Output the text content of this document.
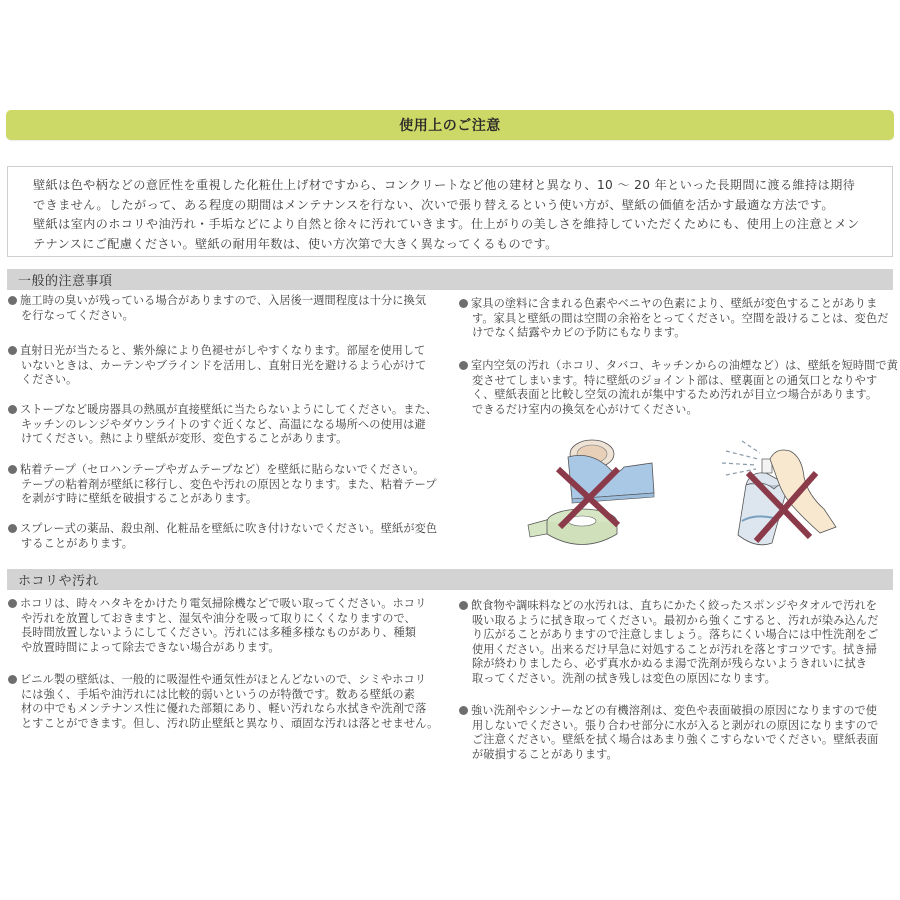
使用上のご注意

壁紙は色や柄などの意匠性を重視した化粧仕上げ材ですから、コンクリートなど他の建材と異なり、10 ～ 20 年といった長期間に渡る維持は期待

できません。したがって、ある程度の期間はメンテナンスを行ない、次いで張り替えるという使い方が、壁紙の価値を活かす最適な方法です。

壁紙は室内のホコリや油汚れ・手垢などにより自然と徐々に汚れていきます。仕上がりの美しさを維持していただくためにも、使用上の注意とメン

テナンスにご配慮ください。壁紙の耐用年数は、使い方次第で大きく異なってくるものです。

一般的注意事項
施工時の臭いが残っている場合がありますので、入居後一週間程度は十分に換気
を行なってください。
直射日光が当たると、紫外線により色褪せがしやすくなります。部屋を使用して
いないときは、カーテンやブラインドを活用し、直射日光を避けるよう心がけて
ください。
ストーブなど暖房器具の熱風が直接壁紙に当たらないようにしてください。また、
キッチンのレンジやダウンライトのすぐ近くなど、高温になる場所への使用は避
けてください。熱により壁紙が変形、変色することがあります。
粘着テープ（セロハンテープやガムテープなど）を壁紙に貼らないでください。
テープの粘着剤が壁紙に移行し、変色や汚れの原因となります。また、粘着テープ
を剥がす時に壁紙を破損することがあります。
スプレー式の薬品、殺虫剤、化粧品を壁紙に吹き付けないでください。壁紙が変色
することがあります。
家具の塗料に含まれる色素やベニヤの色素により、壁紙が変色することがありま
す。家具と壁紙の間は空間の余裕をとってください。空間を設けることは、変色だ
けでなく結露やカビの予防にもなります。
室内空気の汚れ（ホコリ、タバコ、キッチンからの油煙など）は、壁紙を短時間で黄
変させてしまいます。特に壁紙のジョイント部は、壁裏面との通気口となりやす
く、壁紙表面と比較し空気の流れが集中するため汚れが目立つ場合があります。
できるだけ室内の換気を心がけてください。
ホコリや汚れ
ホコリは、時々ハタキをかけたり電気掃除機などで吸い取ってください。ホコリ
や汚れを放置しておきますと、湿気や油分を吸って取りにくくなりますので、
長時間放置しないようにしてください。汚れには多種多様なものがあり、種類
や放置時間によって除去できない場合があります。
ビニル製の壁紙は、一般的に吸湿性や通気性がほとんどないので、シミやホコリ
には強く、手垢や油汚れには比較的弱いというのが特徴です。数ある壁紙の素
材の中でもメンテナンス性に優れた部類にあり、軽い汚れなら水拭きや洗剤で落
とすことができます。但し、汚れ防止壁紙と異なり、頑固な汚れは落とせません。
飲食物や調味料などの水汚れは、直ちにかたく絞ったスポンジやタオルで汚れを
吸い取るように拭き取ってください。最初から強くこすると、汚れが染み込んだ
り広がることがありますので注意しましょう。落ちにくい場合には中性洗剤をご
使用ください。出来るだけ早急に対処することが汚れを落とすコツです。拭き掃
除が終わりましたら、必ず真水かぬるま湯で洗剤が残らないようきれいに拭き
取ってください。洗剤の拭き残しは変色の原因になります。
強い洗剤やシンナーなどの有機溶剤は、変色や表面破損の原因になりますので使
用しないでください。張り合わせ部分に水が入ると剥がれの原因になりますので
ご注意ください。壁紙を拭く場合はあまり強くこすらないでください。壁紙表面
が破損することがあります。
